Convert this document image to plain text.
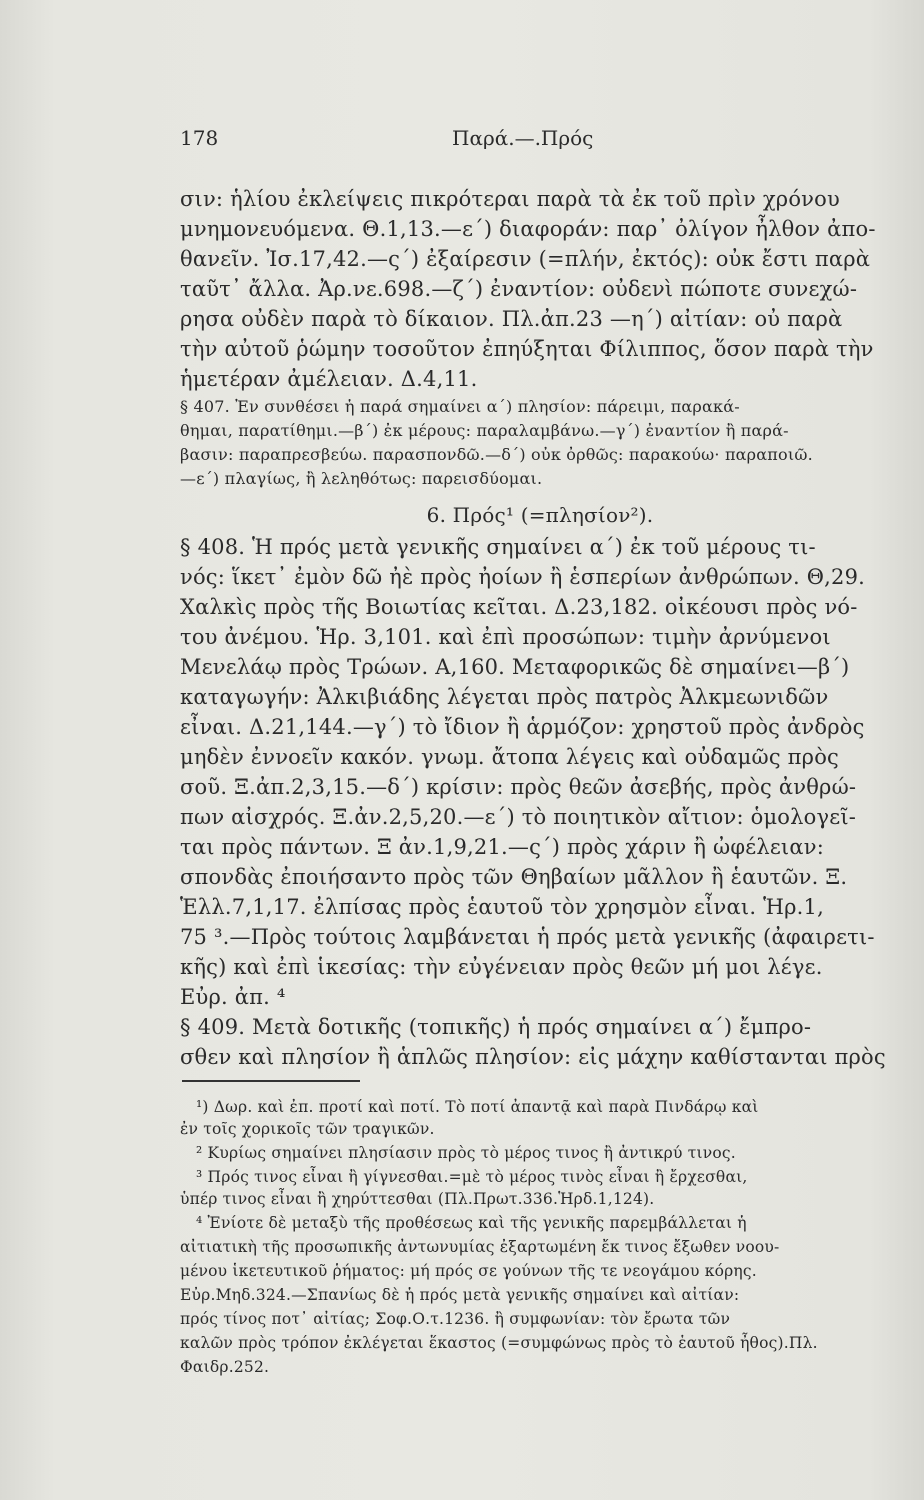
178	Παρά.—.Πρός
σιν: ἡλίου ἐκλείψεις πικρότεραι παρὰ τὰ ἐκ τοῦ πρὶν χρόνου
μνημονευόμενα. Θ.1,13.—ε΄) διαφοράν: παρ᾽ ὀλίγον ἦλθον ἀπο-
θανεῖν. Ἰσ.17,42.—ς΄) ἐξαίρεσιν (=πλήν, ἐκτός): οὐκ ἔστι παρὰ
ταῦτ᾽ ἄλλα. Ἀρ.νε.698.—ζ΄) ἐναντίον: οὐδενὶ πώποτε συνεχώ-
ρησα οὐδὲν παρὰ τὸ δίκαιον. Πλ.ἀπ.23 —η΄) αἰτίαν: οὐ παρὰ
τὴν αὐτοῦ ῥώμην τοσοῦτον ἐπηύξηται Φίλιππος, ὅσον παρὰ τὴν
ἡμετέραν ἀμέλειαν. Δ.4,11.
§ 407. Ἐν συνθέσει ἡ παρά σημαίνει α΄) πλησίον: πάρειμι, παρακά-
θημαι, παρατίθημι.—β΄) ἐκ μέρους: παραλαμβάνω.—γ΄) ἐναντίον ἢ παρά-
βασιν: παραπρεσβεύω. παρασπονδῶ.—δ΄) οὐκ ὀρθῶς: παρακούω· παραποιῶ.
—ε΄) πλαγίως, ἢ λεληθότως: παρεισδύομαι.
6. Πρός¹ (=πλησίον²).
§ 408. Ἡ πρός μετὰ γενικῆς σημαίνει α΄) ἐκ τοῦ μέρους τι-
νός: ἵκετ᾽ ἐμὸν δῶ ἠὲ πρὸς ἠοίων ἢ ἑσπερίων ἀνθρώπων. Θ,29.
Χαλκὶς πρὸς τῆς Βοιωτίας κεῖται. Δ.23,182. οἰκέουσι πρὸς νό-
του ἀνέμου. Ἡρ. 3,101. καὶ ἐπὶ προσώπων: τιμὴν ἀρνύμενοι
Μενελάῳ πρὸς Τρώων. Α,160. Μεταφορικῶς δὲ σημαίνει—β΄)
καταγωγήν: Ἀλκιβιάδης λέγεται πρὸς πατρὸς Ἀλκμεωνιδῶν
εἶναι. Δ.21,144.—γ΄) τὸ ἴδιον ἢ ἁρμόζον: χρηστοῦ πρὸς ἀνδρὸς
μηδὲν ἐννοεῖν κακόν. γνωμ. ἄτοπα λέγεις καὶ οὐδαμῶς πρὸς
σοῦ. Ξ.ἀπ.2,3,15.—δ΄) κρίσιν: πρὸς θεῶν ἀσεβής, πρὸς ἀνθρώ-
πων αἰσχρός. Ξ.ἀν.2,5,20.—ε΄) τὸ ποιητικὸν αἴτιον: ὁμολογεῖ-
ται πρὸς πάντων. Ξ ἀν.1,9,21.—ς΄) πρὸς χάριν ἢ ὠφέλειαν:
σπονδὰς ἐποιήσαντο πρὸς τῶν Θηβαίων μᾶλλον ἢ ἑαυτῶν. Ξ.
Ἑλλ.7,1,17. ἐλπίσας πρὸς ἑαυτοῦ τὸν χρησμὸν εἶναι. Ἡρ.1,
75 ³.—Πρὸς τούτοις λαμβάνεται ἡ πρός μετὰ γενικῆς (ἀφαιρετι-
κῆς) καὶ ἐπὶ ἱκεσίας: τὴν εὐγένειαν πρὸς θεῶν μή μοι λέγε.
Εὐρ. ἀπ. ⁴
§ 409. Μετὰ δοτικῆς (τοπικῆς) ἡ πρός σημαίνει α΄) ἔμπρο-
σθεν καὶ πλησίον ἢ ἁπλῶς πλησίον: εἰς μάχην καθίστανται πρὸς
¹) Δωρ. καὶ ἐπ. προτί καὶ ποτί. Τὸ ποτί ἀπαντᾷ καὶ παρὰ Πινδάρῳ καὶ
ἐν τοῖς χορικοῖς τῶν τραγικῶν.
² Κυρίως σημαίνει πλησίασιν πρὸς τὸ μέρος τινος ἢ ἀντικρύ τινος.
³ Πρός τινος εἶναι ἢ γίγνεσθαι.=μὲ τὸ μέρος τινὸς εἶναι ἢ ἔρχεσθαι,
ὑπέρ τινος εἶναι ἢ χηρύττεσθαι (Πλ.Πρωτ.336.Ἡρδ.1,124).
⁴ Ἐνίοτε δὲ μεταξὺ τῆς προθέσεως καὶ τῆς γενικῆς παρεμβάλλεται ἡ
αἰτιατικὴ τῆς προσωπικῆς ἀντωνυμίας ἐξαρτωμένη ἔκ τινος ἔξωθεν νοου-
μένου ἱκετευτικοῦ ῥήματος: μή πρός σε γούνων τῆς τε νεογάμου κόρης.
Εὐρ.Μηδ.324.—Σπανίως δὲ ἡ πρός μετὰ γενικῆς σημαίνει καὶ αἰτίαν:
πρός τίνος ποτ᾽ αἰτίας; Σοφ.Ο.τ.1236. ἢ συμφωνίαν: τὸν ἔρωτα τῶν
καλῶν πρὸς τρόπον ἐκλέγεται ἕκαστος (=συμφώνως πρὸς τὸ ἑαυτοῦ ἦθος).Πλ.
Φαιδρ.252.
